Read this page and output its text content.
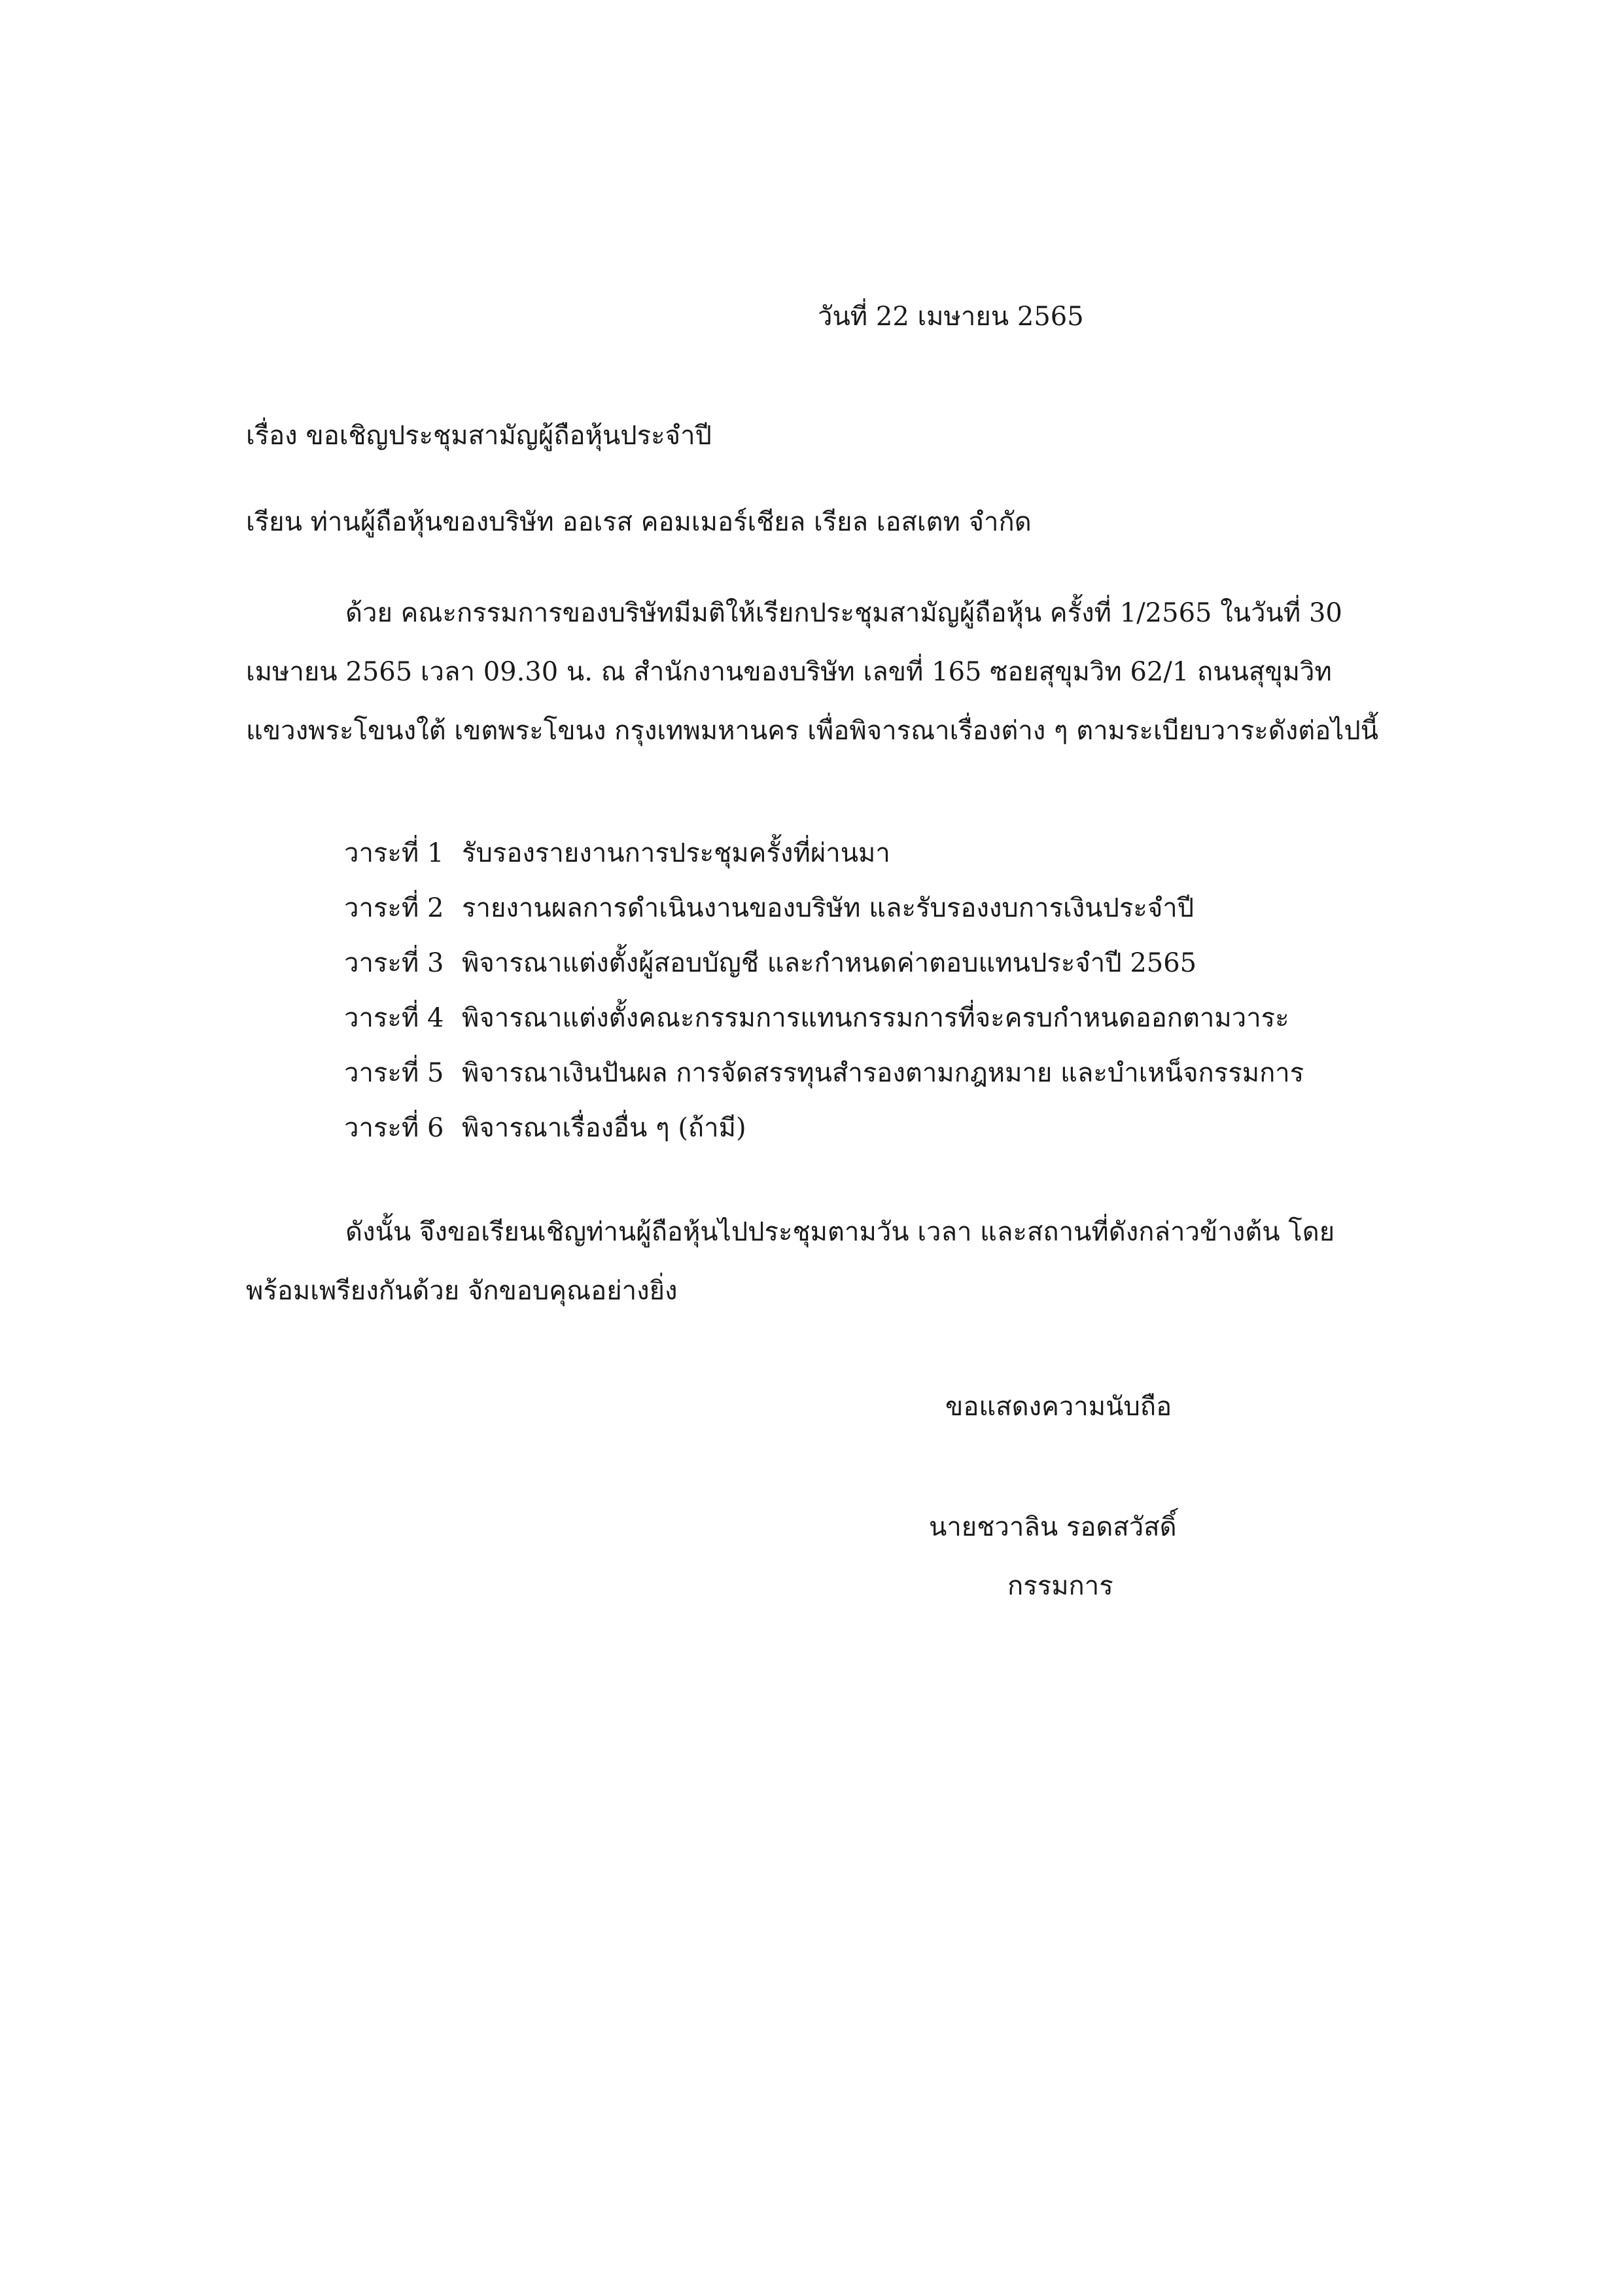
วันที่ 22 เมษายน 2565
เรื่อง ขอเชิญประชุมสามัญผู้ถือหุ้นประจำปี
เรียน ท่านผู้ถือหุ้นของบริษัท ออเรส คอมเมอร์เชียล เรียล เอสเตท จำกัด
ด้วย คณะกรรมการของบริษัทมีมติให้เรียกประชุมสามัญผู้ถือหุ้น ครั้งที่ 1/2565 ในวันที่ 30 เมษายน 2565 เวลา 09.30 น. ณ สำนักงานของบริษัท เลขที่ 165 ซอยสุขุมวิท 62/1 ถนนสุขุมวิท แขวงพระโขนงใต้ เขตพระโขนง กรุงเทพมหานคร เพื่อพิจารณาเรื่องต่าง ๆ ตามระเบียบวาระดังต่อไปนี้
วาระที่ 1 รับรองรายงานการประชุมครั้งที่ผ่านมา
วาระที่ 2 รายงานผลการดำเนินงานของบริษัท และรับรองงบการเงินประจำปี
วาระที่ 3 พิจารณาแต่งตั้งผู้สอบบัญชี และกำหนดค่าตอบแทนประจำปี 2565
วาระที่ 4 พิจารณาแต่งตั้งคณะกรรมการแทนกรรมการที่จะครบกำหนดออกตามวาระ
วาระที่ 5 พิจารณาเงินปันผล การจัดสรรทุนสำรองตามกฎหมาย และบำเหน็จกรรมการ
วาระที่ 6 พิจารณาเรื่องอื่น ๆ (ถ้ามี)
ดังนั้น จึงขอเรียนเชิญท่านผู้ถือหุ้นไปประชุมตามวัน เวลา และสถานที่ดังกล่าวข้างต้น โดยพร้อมเพรียงกันด้วย จักขอบคุณอย่างยิ่ง
ขอแสดงความนับถือ
นายชวาลิน รอดสวัสดิ์
กรรมการ
